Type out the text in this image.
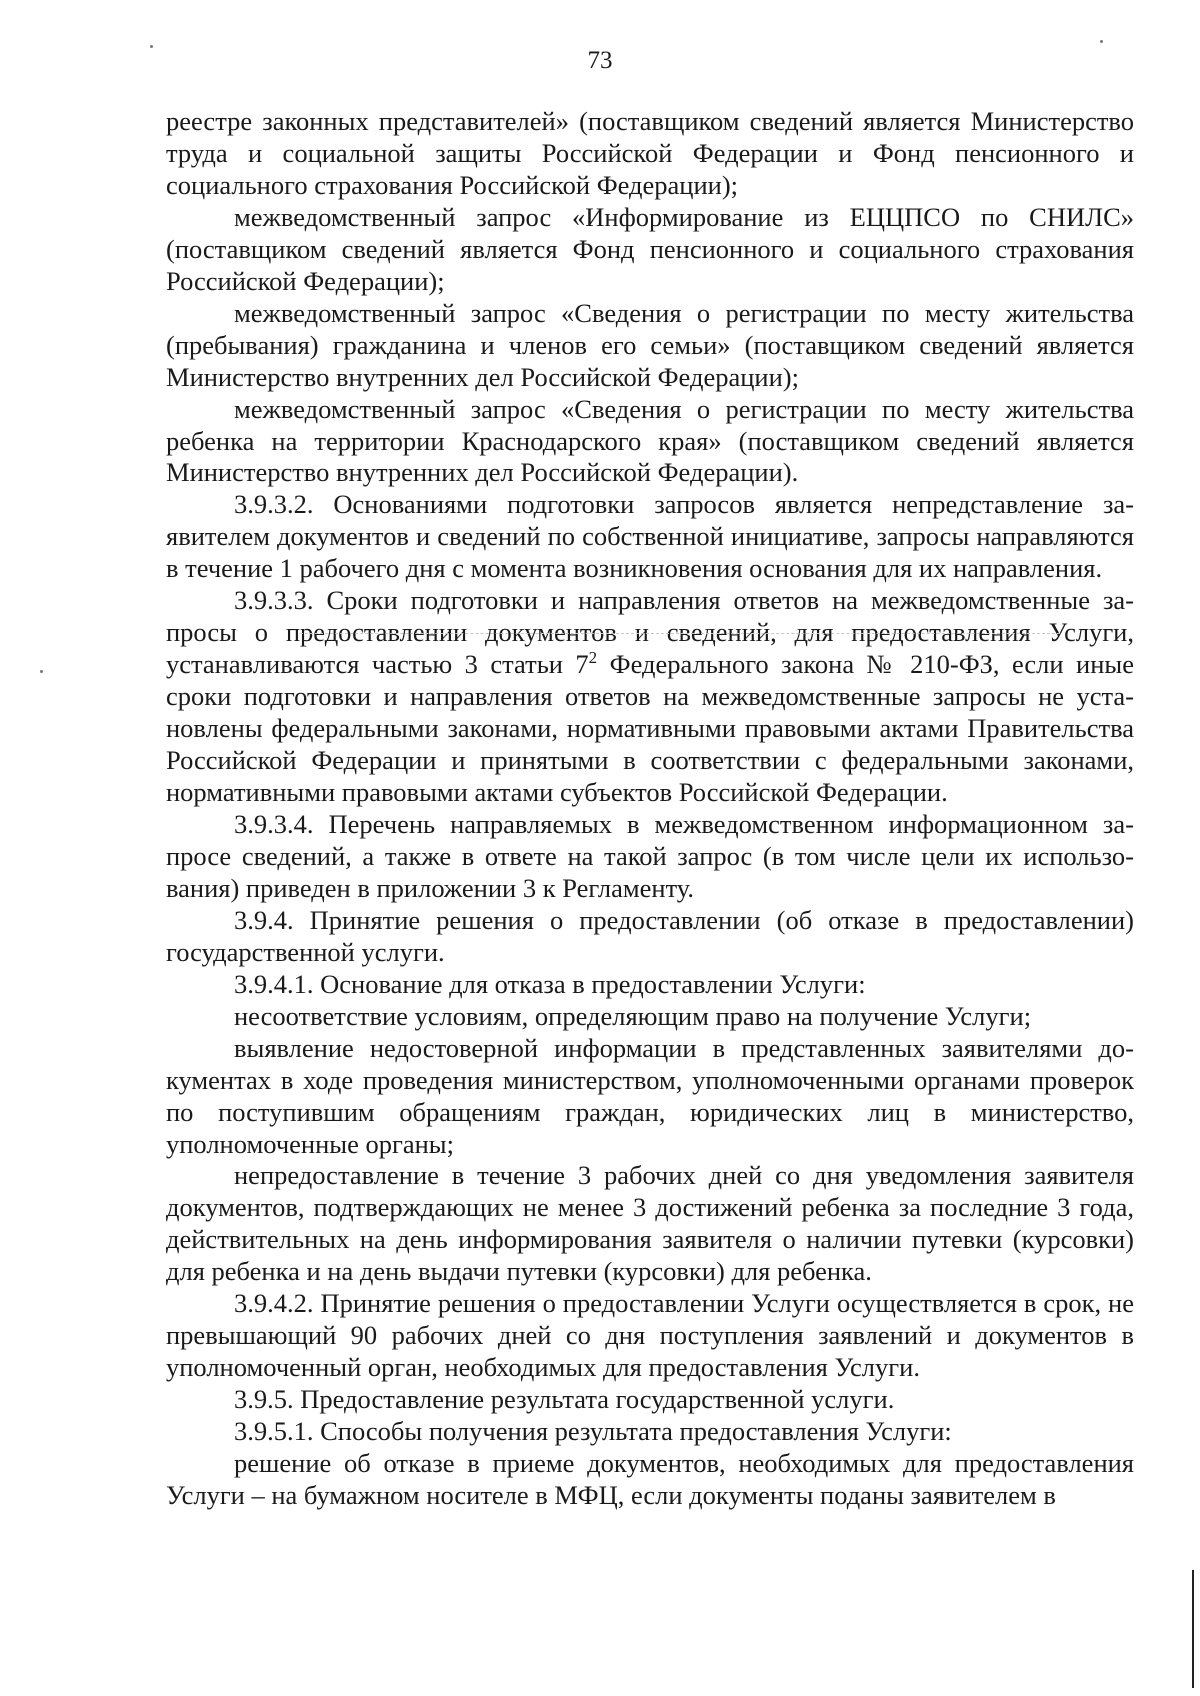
73

реестре законных представителей» (поставщиком сведений является Министерство труда и социальной защиты Российской Федерации и Фонд пенсионного и социального страхования Российской Федерации);

межведомственный запрос «Информирование из ЕЦЦПСО по СНИЛС» (поставщиком сведений является Фонд пенсионного и социального страхования Российской Федерации);

межведомственный запрос «Сведения о регистрации по месту жительства (пребывания) гражданина и членов его семьи» (поставщиком сведений является Министерство внутренних дел Российской Федерации);

межведомственный запрос «Сведения о регистрации по месту жительства ребенка на территории Краснодарского края» (поставщиком сведений является Министерство внутренних дел Российской Федерации).

3.9.3.2. Основаниями подготовки запросов является непредставление заявителем документов и сведений по собственной инициативе, запросы направляются в течение 1 рабочего дня с момента возникновения основания для их направления.

3.9.3.3. Сроки подготовки и направления ответов на межведомственные запросы о предоставлении документов и сведений, для предоставления Услуги, устанавливаются частью 3 статьи $7^2$ Федерального закона № 210-ФЗ, если иные сроки подготовки и направления ответов на межведомственные запросы не установлены федеральными законами, нормативными правовыми актами Правительства Российской Федерации и принятыми в соответствии с федеральными законами, нормативными правовыми актами субъектов Российской Федерации.

3.9.3.4. Перечень направляемых в межведомственном информационном запросе сведений, а также в ответе на такой запрос (в том числе цели их использования) приведен в приложении 3 к Регламенту.

3.9.4. Принятие решения о предоставлении (об отказе в предоставлении) государственной услуги.

3.9.4.1. Основание для отказа в предоставлении Услуги:

несоответствие условиям, определяющим право на получение Услуги;

выявление недостоверной информации в представленных заявителями документах в ходе проведения министерством, уполномоченными органами проверок по поступившим обращениям граждан, юридических лиц в министерство, уполномоченные органы;

непредоставление в течение 3 рабочих дней со дня уведомления заявителя документов, подтверждающих не менее 3 достижений ребенка за последние 3 года, действительных на день информирования заявителя о наличии путевки (курсовки) для ребенка и на день выдачи путевки (курсовки) для ребенка.

3.9.4.2. Принятие решения о предоставлении Услуги осуществляется в срок, не превышающий 90 рабочих дней со дня поступления заявлений и документов в уполномоченный орган, необходимых для предоставления Услуги.

3.9.5. Предоставление результата государственной услуги.

3.9.5.1. Способы получения результата предоставления Услуги:

решение об отказе в приеме документов, необходимых для предоставления Услуги – на бумажном носителе в МФЦ, если документы поданы заявителем в
